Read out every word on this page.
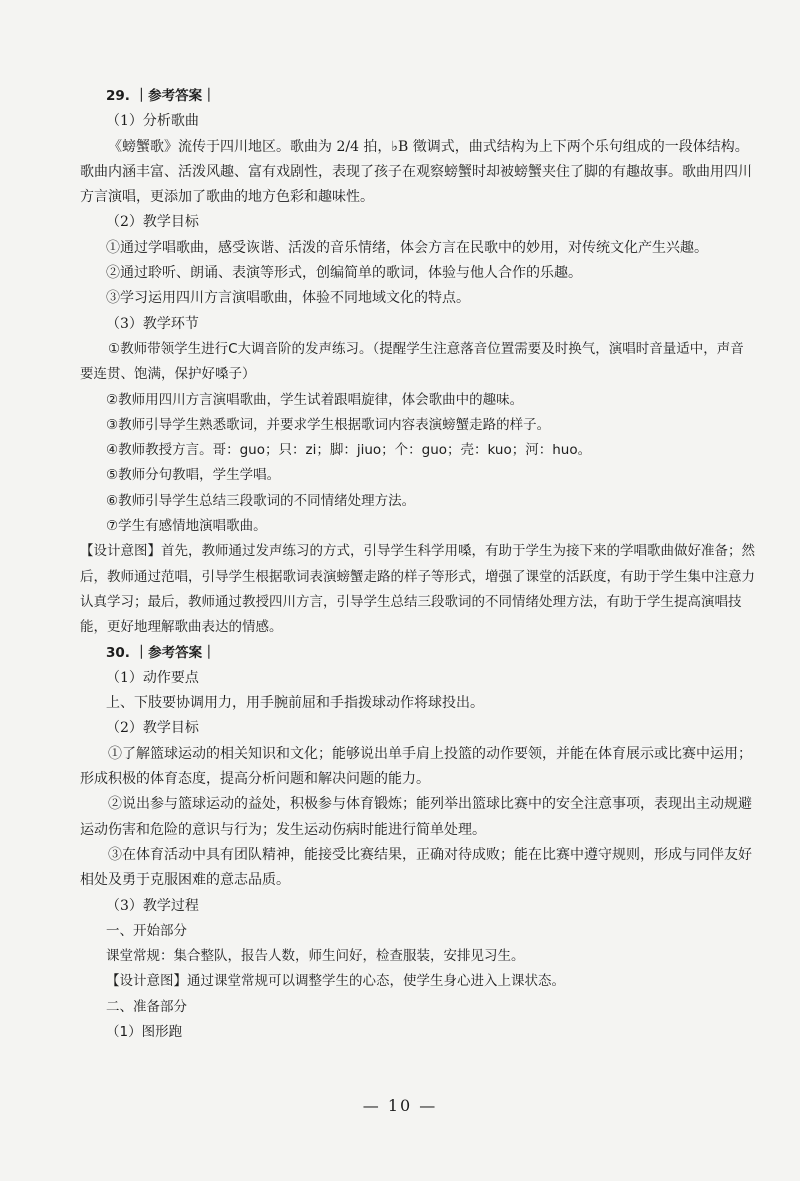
29. ｜参考答案｜
（1）分析歌曲
《螃蟹歌》流传于四川地区。歌曲为 2/4 拍，♭B 徵调式，曲式结构为上下两个乐句组成的一段体结构。歌曲内涵丰富、活泼风趣、富有戏剧性，表现了孩子在观察螃蟹时却被螃蟹夹住了脚的有趣故事。歌曲用四川方言演唱，更添加了歌曲的地方色彩和趣味性。
（2）教学目标
①通过学唱歌曲，感受诙谐、活泼的音乐情绪，体会方言在民歌中的妙用，对传统文化产生兴趣。
②通过聆听、朗诵、表演等形式，创编简单的歌词，体验与他人合作的乐趣。
③学习运用四川方言演唱歌曲，体验不同地域文化的特点。
（3）教学环节
①教师带领学生进行C大调音阶的发声练习。（提醒学生注意落音位置需要及时换气，演唱时音量适中，声音要连贯、饱满，保护好嗓子）
②教师用四川方言演唱歌曲，学生试着跟唱旋律，体会歌曲中的趣味。
③教师引导学生熟悉歌词，并要求学生根据歌词内容表演螃蟹走路的样子。
④教师教授方言。哥：guo；只：zi；脚：jiuo；个：guo；壳：kuo；河：huo。
⑤教师分句教唱，学生学唱。
⑥教师引导学生总结三段歌词的不同情绪处理方法。
⑦学生有感情地演唱歌曲。
【设计意图】首先，教师通过发声练习的方式，引导学生科学用嗓，有助于学生为接下来的学唱歌曲做好准备；然后，教师通过范唱，引导学生根据歌词表演螃蟹走路的样子等形式，增强了课堂的活跃度，有助于学生集中注意力认真学习；最后，教师通过教授四川方言，引导学生总结三段歌词的不同情绪处理方法，有助于学生提高演唱技能，更好地理解歌曲表达的情感。
30. ｜参考答案｜
（1）动作要点
上、下肢要协调用力，用手腕前屈和手指拨球动作将球投出。
（2）教学目标
①了解篮球运动的相关知识和文化；能够说出单手肩上投篮的动作要领，并能在体育展示或比赛中运用；形成积极的体育态度，提高分析问题和解决问题的能力。
②说出参与篮球运动的益处，积极参与体育锻炼；能列举出篮球比赛中的安全注意事项，表现出主动规避运动伤害和危险的意识与行为；发生运动伤病时能进行简单处理。
③在体育活动中具有团队精神，能接受比赛结果，正确对待成败；能在比赛中遵守规则，形成与同伴友好相处及勇于克服困难的意志品质。
（3）教学过程
一、开始部分
课堂常规：集合整队，报告人数，师生问好，检查服装，安排见习生。
【设计意图】通过课堂常规可以调整学生的心态，使学生身心进入上课状态。
二、准备部分
（1）图形跑
— 10 —
